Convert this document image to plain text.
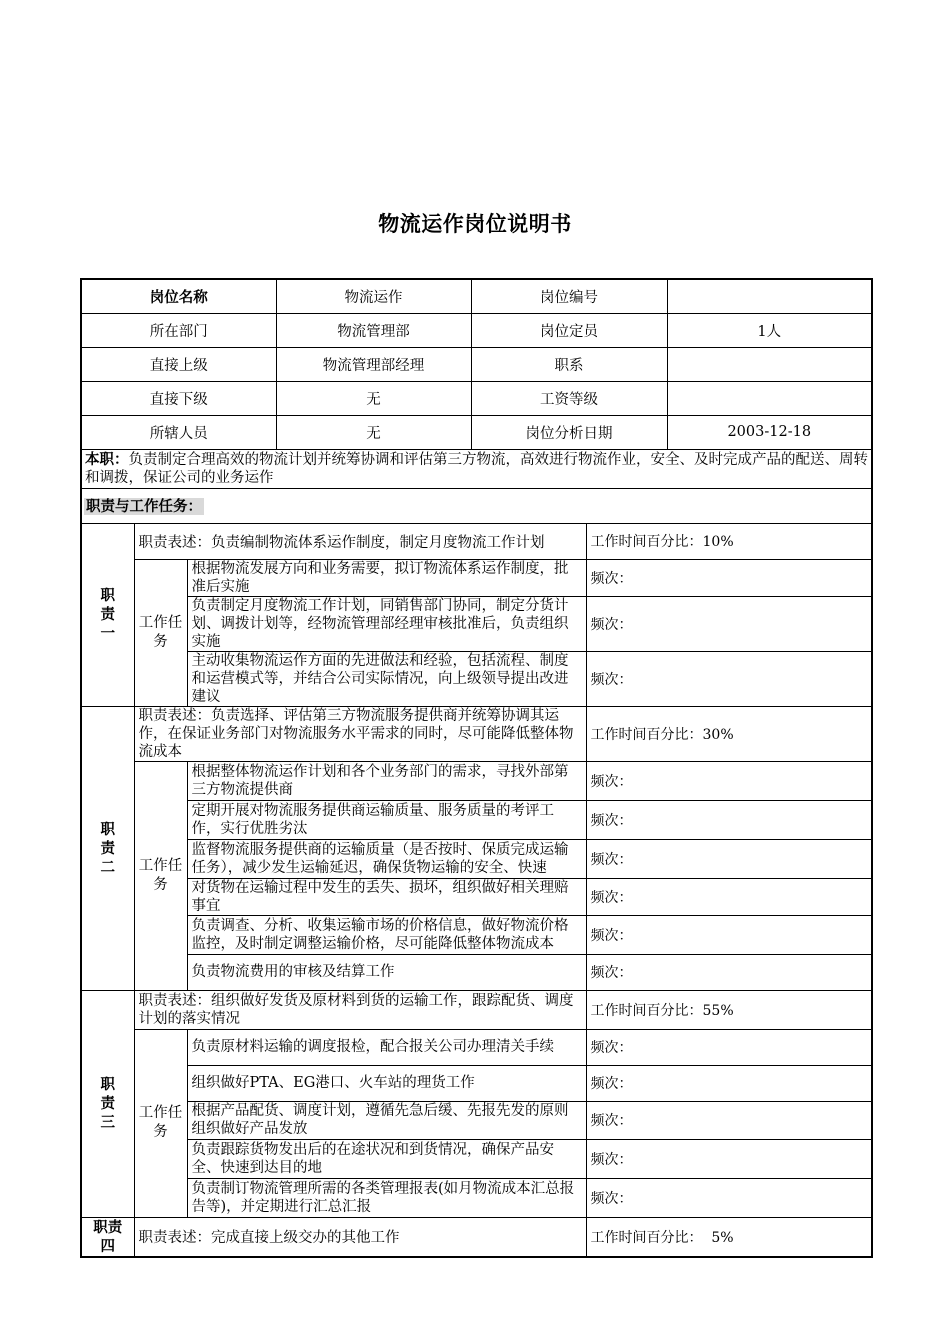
物流运作岗位说明书
岗位名称			物流运作	岗位编号		
所在部门			物流管理部	岗位定员		1人
直接上级			物流管理部经理	职系		
直接下级			无	工资等级		
所辖人员			无	岗位分析日期		2003-12-18
本职：负责制定合理高效的物流计划并统筹协调和评估第三方物流，高效进行物流作业，安全、及时完成产品的配送、周转和调拨，保证公司的业务运作						
职责与工作任务：						
职
责
一	职责表述：负责编制物流体系运作制度，制定月度物流工作计划				工作时间百分比：10%	
	工作任务	根据物流发展方向和业务需要，拟订物流体系运作制度，批准后实施			频次：	
		负责制定月度物流工作计划，同销售部门协同，制定分货计划、调拨计划等，经物流管理部经理审核批准后，负责组织实施			频次：	
		主动收集物流运作方面的先进做法和经验，包括流程、制度和运营模式等，并结合公司实际情况，向上级领导提出改进建议			频次：	
职
责
二	职责表述：负责选择、评估第三方物流服务提供商并统筹协调其运作，在保证业务部门对物流服务水平需求的同时，尽可能降低整体物流成本				工作时间百分比：30%	
	工作任务	根据整体物流运作计划和各个业务部门的需求，寻找外部第三方物流提供商			频次：	
		定期开展对物流服务提供商运输质量、服务质量的考评工作，实行优胜劣汰			频次：	
		监督物流服务提供商的运输质量（是否按时、保质完成运输任务），减少发生运输延迟，确保货物运输的安全、快速			频次：	
		对货物在运输过程中发生的丢失、损坏，组织做好相关理赔事宜			频次：	
		负责调查、分析、收集运输市场的价格信息，做好物流价格监控，及时制定调整运输价格，尽可能降低整体物流成本			频次：	
		负责物流费用的审核及结算工作			频次：	
职
责
三	职责表述：组织做好发货及原材料到货的运输工作，跟踪配货、调度计划的落实情况				工作时间百分比：55%	
	工作任务	负责原材料运输的调度报检，配合报关公司办理清关手续			频次：	
		组织做好PTA、EG港口、火车站的理货工作			频次：	
		根据产品配货、调度计划，遵循先急后缓、先报先发的原则组织做好产品发放			频次：	
		负责跟踪货物发出后的在途状况和到货情况，确保产品安全、快速到达目的地			频次：	
		负责制订物流管理所需的各类管理报表(如月物流成本汇总报告等)，并定期进行汇总汇报			频次：	
职责
四	职责表述：完成直接上级交办的其他工作				工作时间百分比：  5%	
